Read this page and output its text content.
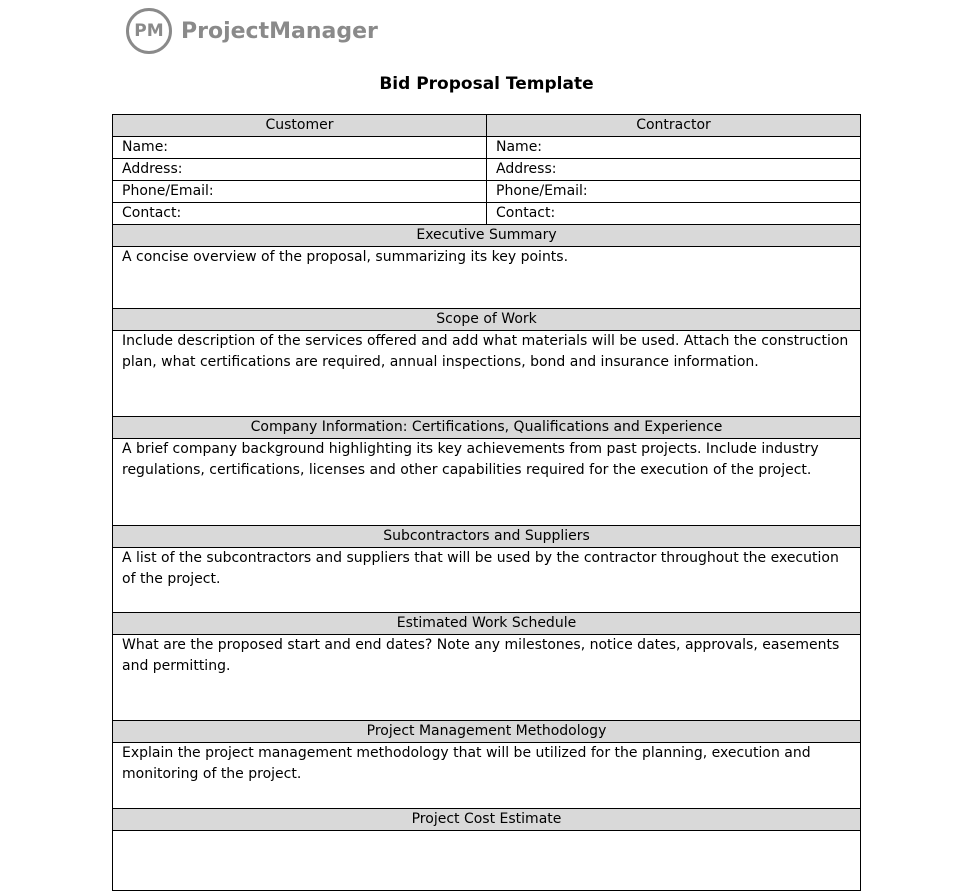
PM ProjectManager
Bid Proposal Template
Customer	Contractor
Name:	Name:
Address:	Address:
Phone/Email:	Phone/Email:
Contact:	Contact:
Executive Summary	
A concise overview of the proposal, summarizing its key points.	
Scope of Work	
Include description of the services offered and add what materials will be used. Attach the construction plan, what certifications are required, annual inspections, bond and insurance information.	
Company Information: Certifications, Qualifications and Experience	
A brief company background highlighting its key achievements from past projects. Include industry regulations, certifications, licenses and other capabilities required for the execution of the project.	
Subcontractors and Suppliers	
A list of the subcontractors and suppliers that will be used by the contractor throughout the execution of the project.	
Estimated Work Schedule	
What are the proposed start and end dates? Note any milestones, notice dates, approvals, easements and permitting.	
Project Management Methodology	
Explain the project management methodology that will be utilized for the planning, execution and monitoring of the project.	
Project Cost Estimate	
